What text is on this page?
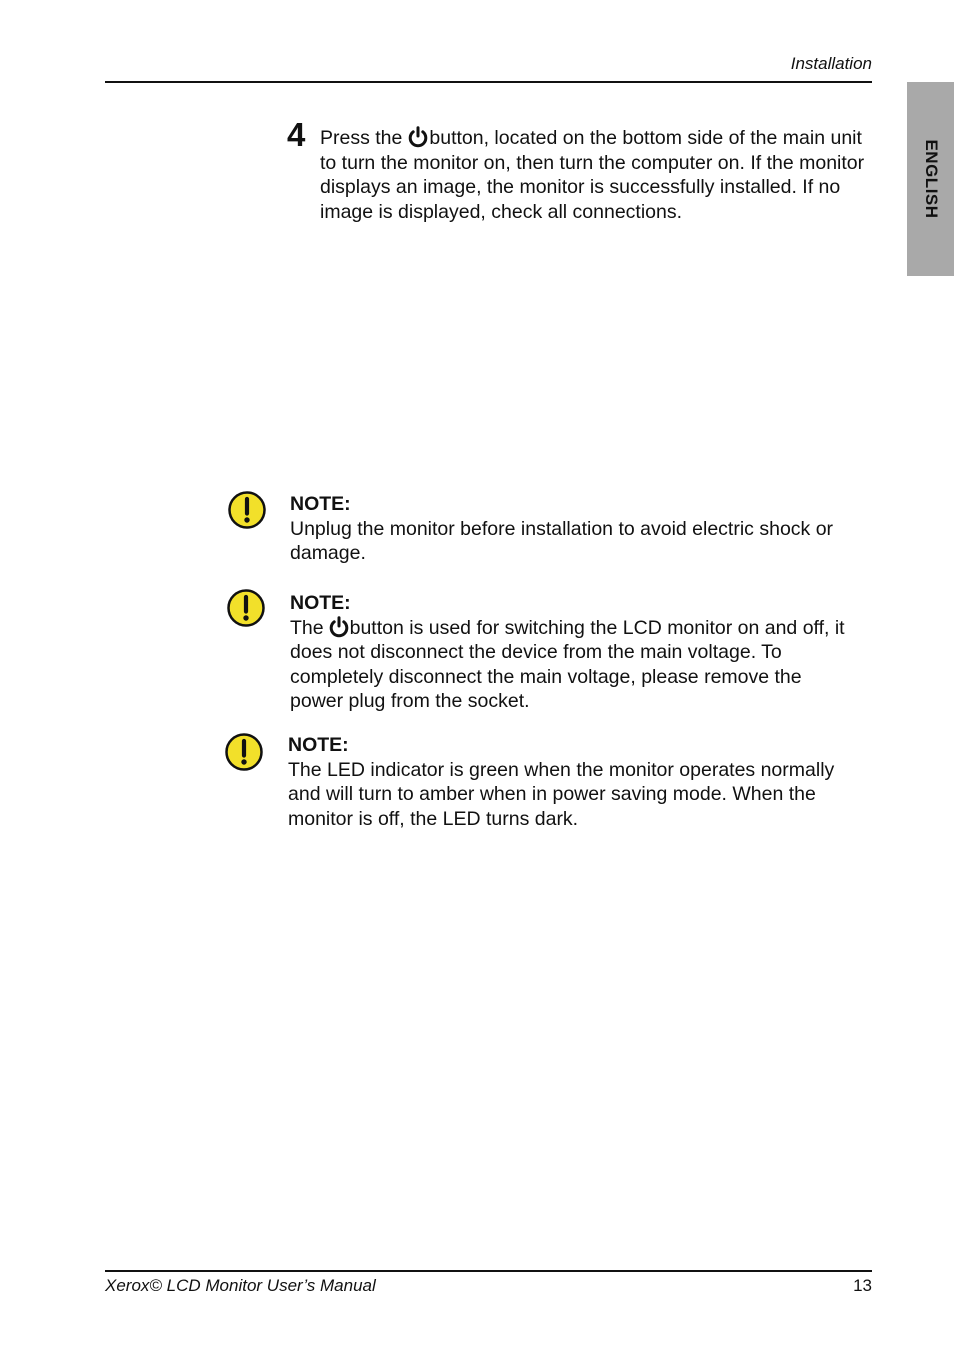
Installation
ENGLISH
4 Press the button, located on the bottom side of the main unit to turn the monitor on, then turn the computer on. If the monitor displays an image, the monitor is successfully installed. If no image is displayed, check all connections.
NOTE:
Unplug the monitor before installation to avoid electric shock or damage.
NOTE:
The button is used for switching the LCD monitor on and off, it does not disconnect the device from the main voltage. To completely disconnect the main voltage, please remove the power plug from the socket.
NOTE:
The LED indicator is green when the monitor operates normally and will turn to amber when in power saving mode. When the monitor is off, the LED turns dark.
Xerox© LCD Monitor User’s Manual	13
